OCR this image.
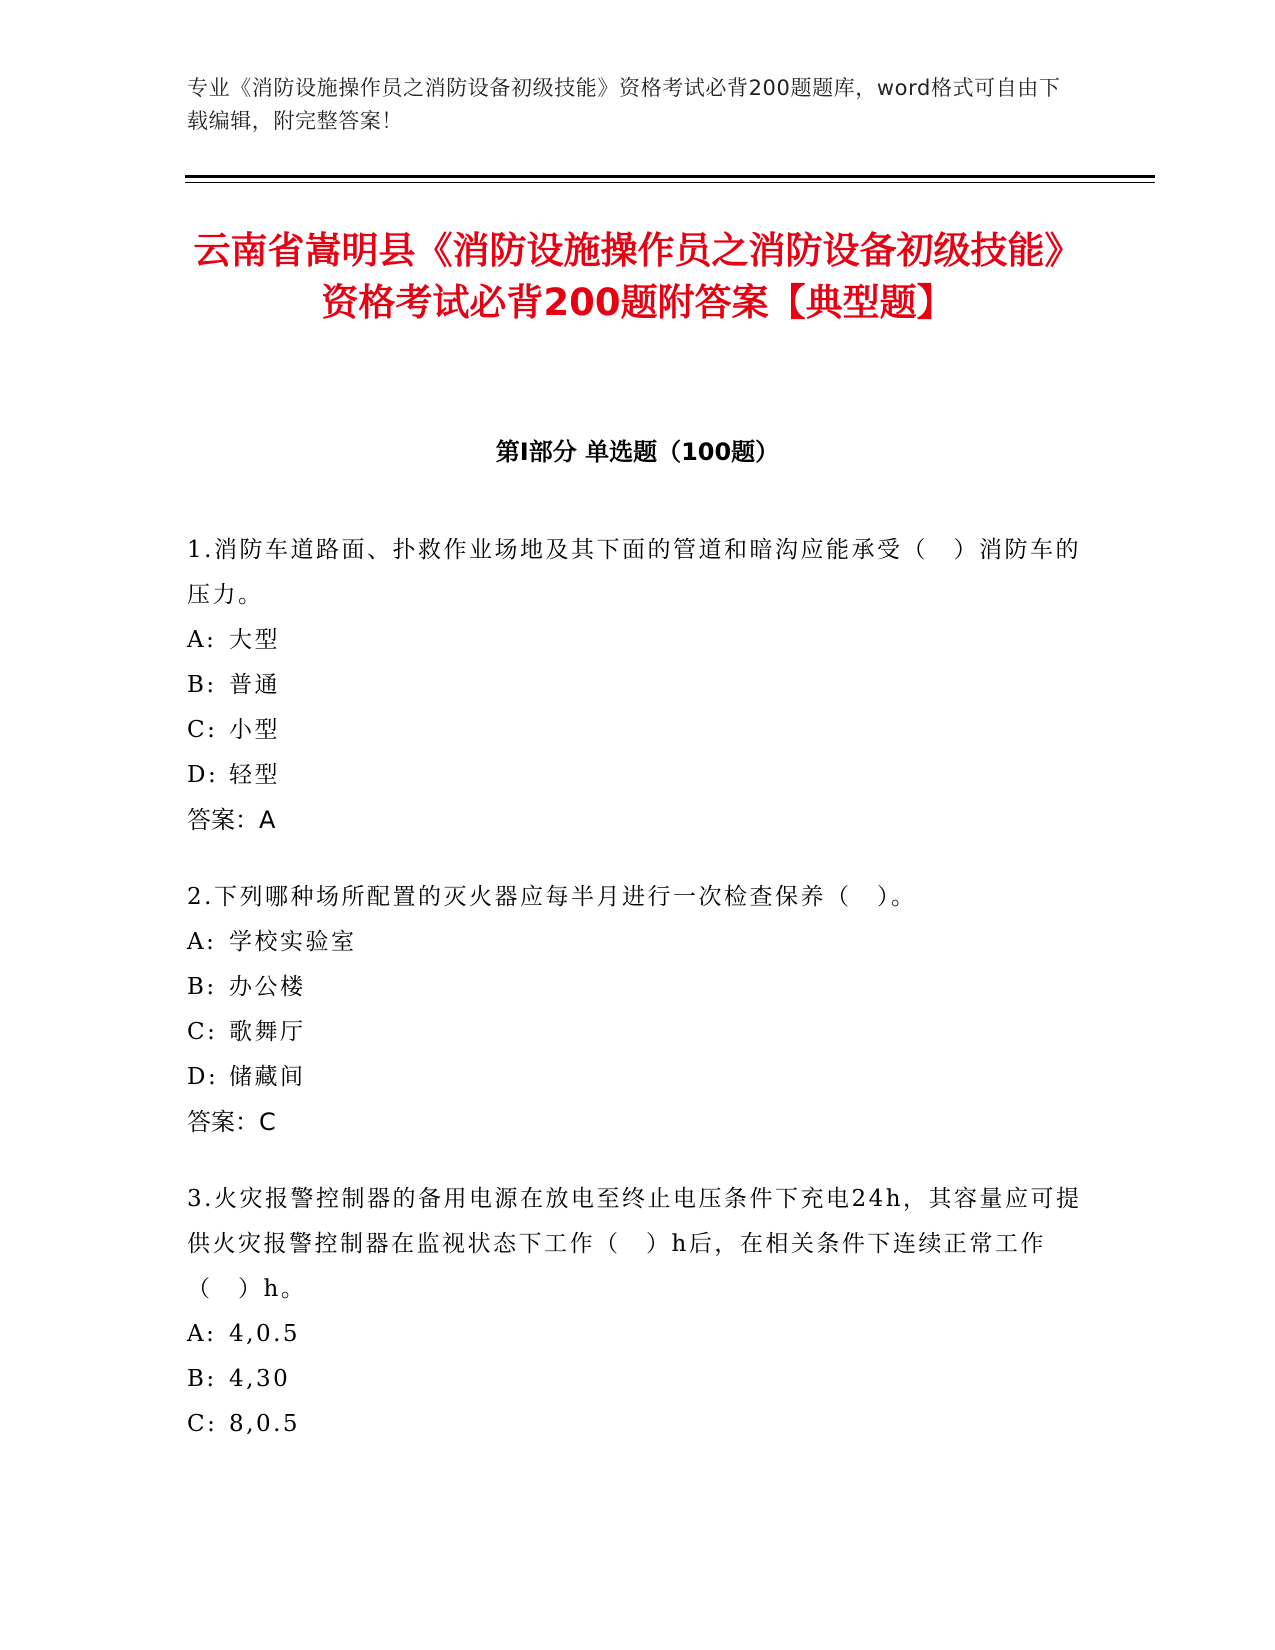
专业《消防设施操作员之消防设备初级技能》资格考试必背200题题库，word格式可自由下载编辑，附完整答案！
云南省嵩明县《消防设施操作员之消防设备初级技能》资格考试必背200题附答案【典型题】
第Ⅰ部分 单选题（100题）

1.消防车道路面、扑救作业场地及其下面的管道和暗沟应能承受（　）消防车的压力。

A: 大型

B: 普通

C: 小型

D: 轻型

答案：A

2.下列哪种场所配置的灭火器应每半月进行一次检查保养（　）。

A: 学校实验室

B: 办公楼

C: 歌舞厅

D: 储藏间

答案：C

3.火灾报警控制器的备用电源在放电至终止电压条件下充电24h，其容量应可提供火灾报警控制器在监视状态下工作（　）h后，在相关条件下连续正常工作（　）h。

A: 4,0.5

B: 4,30

C: 8,0.5
